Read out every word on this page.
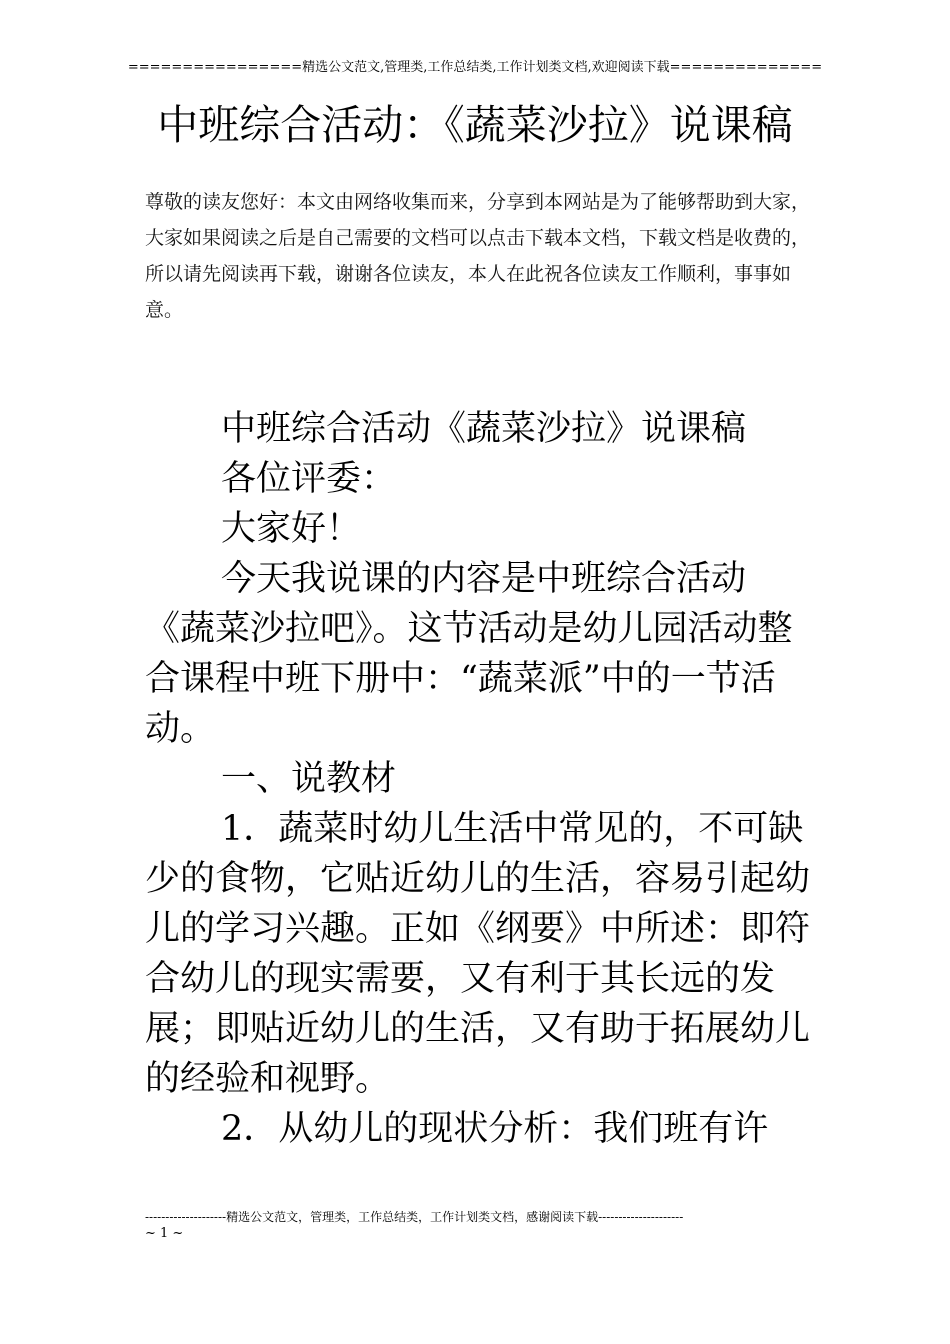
================精选公文范文,管理类,工作总结类,工作计划类文档,欢迎阅读下载==============
中班综合活动：《蔬菜沙拉》说课稿
尊敬的读友您好：本文由网络收集而来，分享到本网站是为了能够帮助到大家，大家如果阅读之后是自己需要的文档可以点击下载本文档，下载文档是收费的，所以请先阅读再下载，谢谢各位读友，本人在此祝各位读友工作顺利，事事如意。

中班综合活动《蔬菜沙拉》说课稿

各位评委：

大家好！

今天我说课的内容是中班综合活动《蔬菜沙拉吧》。这节活动是幼儿园活动整合课程中班下册中：“蔬菜派”中的一节活动。

一、说教材

1．蔬菜时幼儿生活中常见的，不可缺少的食物，它贴近幼儿的生活，容易引起幼儿的学习兴趣。正如《纲要》中所述：即符合幼儿的现实需要，又有利于其长远的发展；即贴近幼儿的生活，又有助于拓展幼儿的经验和视野。

2．从幼儿的现状分析：我们班有许

--------------------精选公文范文，管理类，工作总结类，工作计划类文档，感谢阅读下载---------------------
~ 1 ~
